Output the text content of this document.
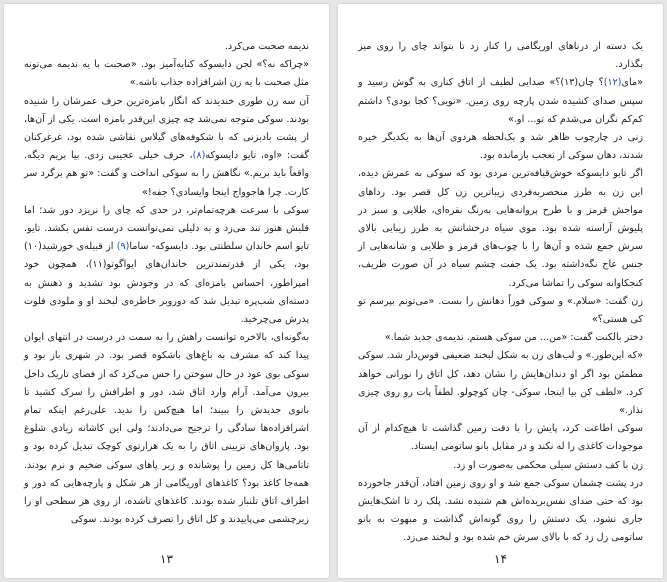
ندیمه صحبت می‌کرد.

«چراکه نه؟» لحن دایسوکه کنایه‌آمیز بود. «صحبت با یه ندیمه می‌تونه مثل صحبت با یه زن اشرافزاده جذاب باشه.»

آن سه زن طوری خندیدند که انگار بامزه‌ترین حرف عمرشان را شنیده بودند. سوکی متوجه نمی‌شد چه چیزی این‌قدر بامزه است. یکی از آن‌ها، از پشت بادبزنی که با شکوفه‌های گیلاس نقاشی شده بود، غرغرکنان گفت: «اوه، تایو دایسوکه(۸)، حرف خیلی عجیبی زدی. بیا بریم دیگه. واقعاً باید بریم.» نگاهش را به سوکی انداخت و گفت: «تو هم برگرد سر کارت. چرا هاجوواج اینجا وایسادی؟ جفه!»

سوکی با سرعت هرچه‌تمام‌تر، در حدی که چای را نریزد دور شد؛ اما قلبش هنوز تند می‌زد و به دلیلی نمی‌توانست درست نفس بکشد. تایو. تایو اسم خاندان سلطنتی بود. دایسوکه- ساما(۹) از قبیله‌ی خورشید(۱۰) بود، یکی از قدرتمندترین خاندان‌های ایواگوتو(۱۱)، همچون خود امپراطور، احساس بامزه‌ای که در وجودش بود تشدید و ذهنش به دسته‌ای شب‌پره تبدیل شد که دوروبر خاطره‌ی لبخند او و ملودی فلوت پدرش می‌چرخید.

به‌گونه‌ای، بالاخره توانست راهش را به سمت در درست در انتهای ایوان پیدا کند که مشرف به باغ‌های باشکوه قصر بود. در شهری باز بود و سوکی بوی عود در حال سوختن را حس می‌کرد که از فضای تاریک داخل بیرون می‌آمد. آرام وارد اتاق شد، دور و اطرافش را سرک کشید تا بانوی جدیدش را ببیند؛ اما هیچ‌کس را ندید. علی‌رغم اینکه تمام اشرافزاده‌ها سادگی را ترجیح می‌دادند؛ ولی این کاشانه زیادی شلوغ بود. پاروان‌های تزیینی اتاق را به یک هزارتوی کوچک تبدیل کرده بود و تاتامی‌ها کل زمین را پوشانده و زیر پاهای سوکی ضخیم و نرم بودند. همه‌جا کاغذ بود؟ کاغذهای اوریگامی از هر شکل و پارچه‌هایی که دور و اطراف اتاق تلنبار شده بودند. کاغذهای تاشده، از روی هر سطحی او را زیرچشمی می‌پاییدند و کل اتاق را تصرف کرده بودند. سوکی

۱۳

یک دسته از درناهای اوریگامی را کنار زد تا بتواند چای را روی میز بگذارد.

«مای(۱۲)؟ چان(۱۳)؟» صدایی لطیف از اتاق کناری به گوش رسید و سپس صدای کشیده شدن پارچه روی زمین. «تویی؟ کجا بودی؟ داشتم کم‌کم نگران می‌شدم که تو... او.»

زنی در چارچوب ظاهر شد و یک‌لحظه هردوی آن‌ها به یکدیگر خیره شدند، دهان سوکی از تعجب بازمانده بود.

اگر تایو دایسوکه خوش‌قیافه‌ترین مردی بود که سوکی به عمرش دیده، این زن به طرز منحصربه‌فردی زیباترین زن کل قصر بود. رداهای مواجش قرمز و با طرح پروانه‌هایی به‌رنگ نقره‌ای، طلایی و سبز در پلیوش آراسته شده بود. موی سیاه درخشانش به طرز زیبایی بالای سرش جمع شده و آن‌ها را با چوب‌های قرمز و طلایی و شانه‌هایی از جنس عاج نگه‌داشته بود. یک جفت چشم سیاه در آن صورت ظریف، کنجکاوانه سوکی را تماشا می‌کرد.

زن گفت: «سلام.» و سوکی فوراً دهانش را بست. «می‌تونم بپرسم تو کی هستی؟»

دختر بالکنت گفت: «من... من سوکی هستم. ندیمه‌ی جدید شما.»

«که این‌طور.» و لب‌های زن به شکل لبخند ضعیفی قوس‌دار شد. سوکی مطمئن بود اگر او دندان‌هایش را نشان دهد، کل اتاق را نورانی خواهد کرد. «لطف کن بیا اینجا، سوکی- چان کوچولو. لطفاً پات رو روی چیزی نذار.»

سوکی اطاعت کرد، پایش را با دقت زمین گذاشت تا هیچ‌کدام از آن موجودات کاغذی را له نکند و در مقابل بانو ساتومی ایستاد.

زن با کف دستش سیلی محکمی به‌صورت او زد.

درد پشت چشمان سوکی جمع شد و او روی زمین افتاد، آن‌قدر جاخورده بود که حتی صدای نفس‌بریده‌اش هم شنیده نشد. پلک زد تا اشک‌هایش جاری نشود، یک دستش را روی گونه‌اش گذاشت و مبهوت به بانو ساتومی زل زد که با بالای سرش خم شده بود و لبخند می‌زد.

۱۴
